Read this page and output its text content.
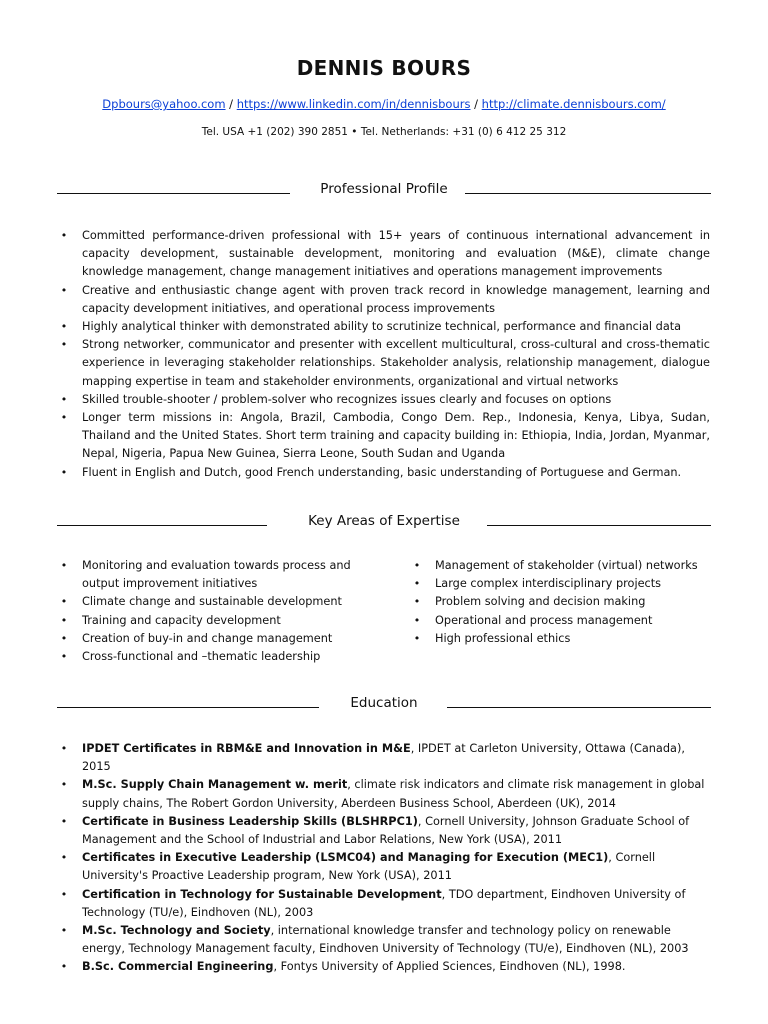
DENNIS BOURS
Dpbours@yahoo.com / https://www.linkedin.com/in/dennisbours / http://climate.dennisbours.com/
Tel. USA +1 (202) 390 2851 • Tel. Netherlands: +31 (0) 6 412 25 312
Professional Profile
• Committed performance-driven professional with 15+ years of continuous international advancement in capacity development, sustainable development, monitoring and evaluation (M&E), climate change knowledge management, change management initiatives and operations management improvements
• Creative and enthusiastic change agent with proven track record in knowledge management, learning and capacity development initiatives, and operational process improvements
• Highly analytical thinker with demonstrated ability to scrutinize technical, performance and financial data
• Strong networker, communicator and presenter with excellent multicultural, cross-cultural and cross-thematic experience in leveraging stakeholder relationships. Stakeholder analysis, relationship management, dialogue mapping expertise in team and stakeholder environments, organizational and virtual networks
• Skilled trouble-shooter / problem-solver who recognizes issues clearly and focuses on options
• Longer term missions in: Angola, Brazil, Cambodia, Congo Dem. Rep., Indonesia, Kenya, Libya, Sudan, Thailand and the United States. Short term training and capacity building in: Ethiopia, India, Jordan, Myanmar, Nepal, Nigeria, Papua New Guinea, Sierra Leone, South Sudan and Uganda
• Fluent in English and Dutch, good French understanding, basic understanding of Portuguese and German.
Key Areas of Expertise
• Monitoring and evaluation towards process and output improvement initiatives
• Climate change and sustainable development
• Training and capacity development
• Creation of buy-in and change management
• Cross-functional and –thematic leadership
• Management of stakeholder (virtual) networks
• Large complex interdisciplinary projects
• Problem solving and decision making
• Operational and process management
• High professional ethics
Education
• IPDET Certificates in RBM&E and Innovation in M&E, IPDET at Carleton University, Ottawa (Canada), 2015
• M.Sc. Supply Chain Management w. merit, climate risk indicators and climate risk management in global supply chains, The Robert Gordon University, Aberdeen Business School, Aberdeen (UK), 2014
• Certificate in Business Leadership Skills (BLSHRPC1), Cornell University, Johnson Graduate School of Management and the School of Industrial and Labor Relations, New York (USA), 2011
• Certificates in Executive Leadership (LSMC04) and Managing for Execution (MEC1), Cornell University's Proactive Leadership program, New York (USA), 2011
• Certification in Technology for Sustainable Development, TDO department, Eindhoven University of Technology (TU/e), Eindhoven (NL), 2003
• M.Sc. Technology and Society, international knowledge transfer and technology policy on renewable energy, Technology Management faculty, Eindhoven University of Technology (TU/e), Eindhoven (NL), 2003
• B.Sc. Commercial Engineering, Fontys University of Applied Sciences, Eindhoven (NL), 1998.
